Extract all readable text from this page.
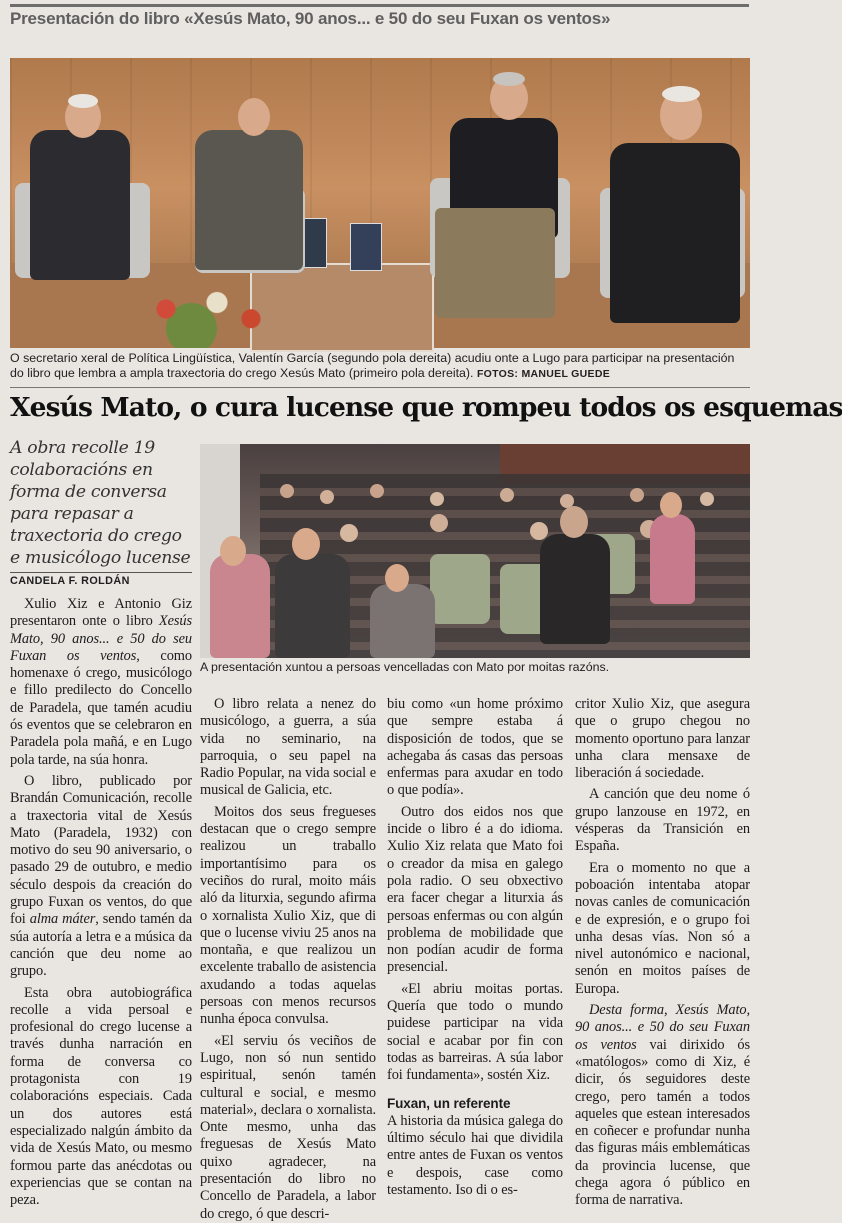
Presentación do libro «Xesús Mato, 90 anos... e 50 do seu Fuxan os ventos»
O secretario xeral de Política Lingüística, Valentín García (segundo pola dereita) acudiu onte a Lugo para participar na presentación do libro que lembra a ampla traxectoria do crego Xesús Mato (primeiro pola dereita). FOTOS: MANUEL GUEDE
Xesús Mato, o cura lucense que rompeu todos os esquemas
A obra recolle 19 colaboracións en forma de conversa para repasar a traxectoria do crego e musicólogo lucense
CANDELA F. ROLDÁN
A presentación xuntou a persoas vencelladas con Mato por moitas razóns.

Xulio Xiz e Antonio Giz presentaron onte o libro Xesús Mato, 90 anos... e 50 do seu Fuxan os ventos, como homenaxe ó crego, musicólogo e fillo predilecto do Concello de Paradela, que tamén acudiu ós eventos que se celebraron en Paradela pola mañá, e en Lugo pola tarde, na súa honra.

O libro, publicado por Brandán Comunicación, recolle a traxectoria vital de Xesús Mato (Paradela, 1932) con motivo do seu 90 aniversario, o pasado 29 de outubro, e medio século despois da creación do grupo Fuxan os ventos, do que foi alma máter, sendo tamén da súa autoría a letra e a música da canción que deu nome ao grupo.

Esta obra autobiográfica recolle a vida persoal e profesional do crego lucense a través dunha narración en forma de conversa co protagonista con 19 colaboracións especiais. Cada un dos autores está especializado nalgún ámbito da vida de Xesús Mato, ou mesmo formou parte das anécdotas ou experiencias que se contan na peza.

O libro relata a nenez do musicólogo, a guerra, a súa vida no seminario, na parroquia, o seu papel na Radio Popular, na vida social e musical de Galicia, etc.

Moitos dos seus fregueses destacan que o crego sempre realizou un traballo importantísimo para os veciños do rural, moito máis aló da liturxia, segundo afirma o xornalista Xulio Xiz, que di que o lucense viviu 25 anos na montaña, e que realizou un excelente traballo de asistencia axudando a todas aquelas persoas con menos recursos nunha época convulsa.

«El serviu ós veciños de Lugo, non só nun sentido espiritual, senón tamén cultural e social, e mesmo material», declara o xornalista. Onte mesmo, unha das freguesas de Xesús Mato quixo agradecer, na presentación do libro no Concello de Paradela, a labor do crego, ó que descri-

biu como «un home próximo que sempre estaba á disposición de todos, que se achegaba ás casas das persoas enfermas para axudar en todo o que podía».

Outro dos eidos nos que incide o libro é a do idioma. Xulio Xiz relata que Mato foi o creador da misa en galego pola radio. O seu obxectivo era facer chegar a liturxia ás persoas enfermas ou con algún problema de mobilidade que non podían acudir de forma presencial.

«El abriu moitas portas. Quería que todo o mundo puidese participar na vida social e acabar por fin con todas as barreiras. A súa labor foi fundamenta», sostén Xiz.

Fuxan, un referente

A historia da música galega do último século hai que dividila entre antes de Fuxan os ventos e despois, case como testamento. Iso di o es-

critor Xulio Xiz, que asegura que o grupo chegou no momento oportuno para lanzar unha clara mensaxe de liberación á sociedade.

A canción que deu nome ó grupo lanzouse en 1972, en vésperas da Transición en España.

Era o momento no que a poboación intentaba atopar novas canles de comunicación e de expresión, e o grupo foi unha desas vías. Non só a nivel autonómico e nacional, senón en moitos países de Europa.

Desta forma, Xesús Mato, 90 anos... e 50 do seu Fuxan os ventos vai dirixido ós «matólogos» como di Xiz, é dicir, ós seguidores deste crego, pero tamén a todos aqueles que estean interesados en coñecer e profundar nunha das figuras máis emblemáticas da provincia lucense, que chega agora ó público en forma de narrativa.
